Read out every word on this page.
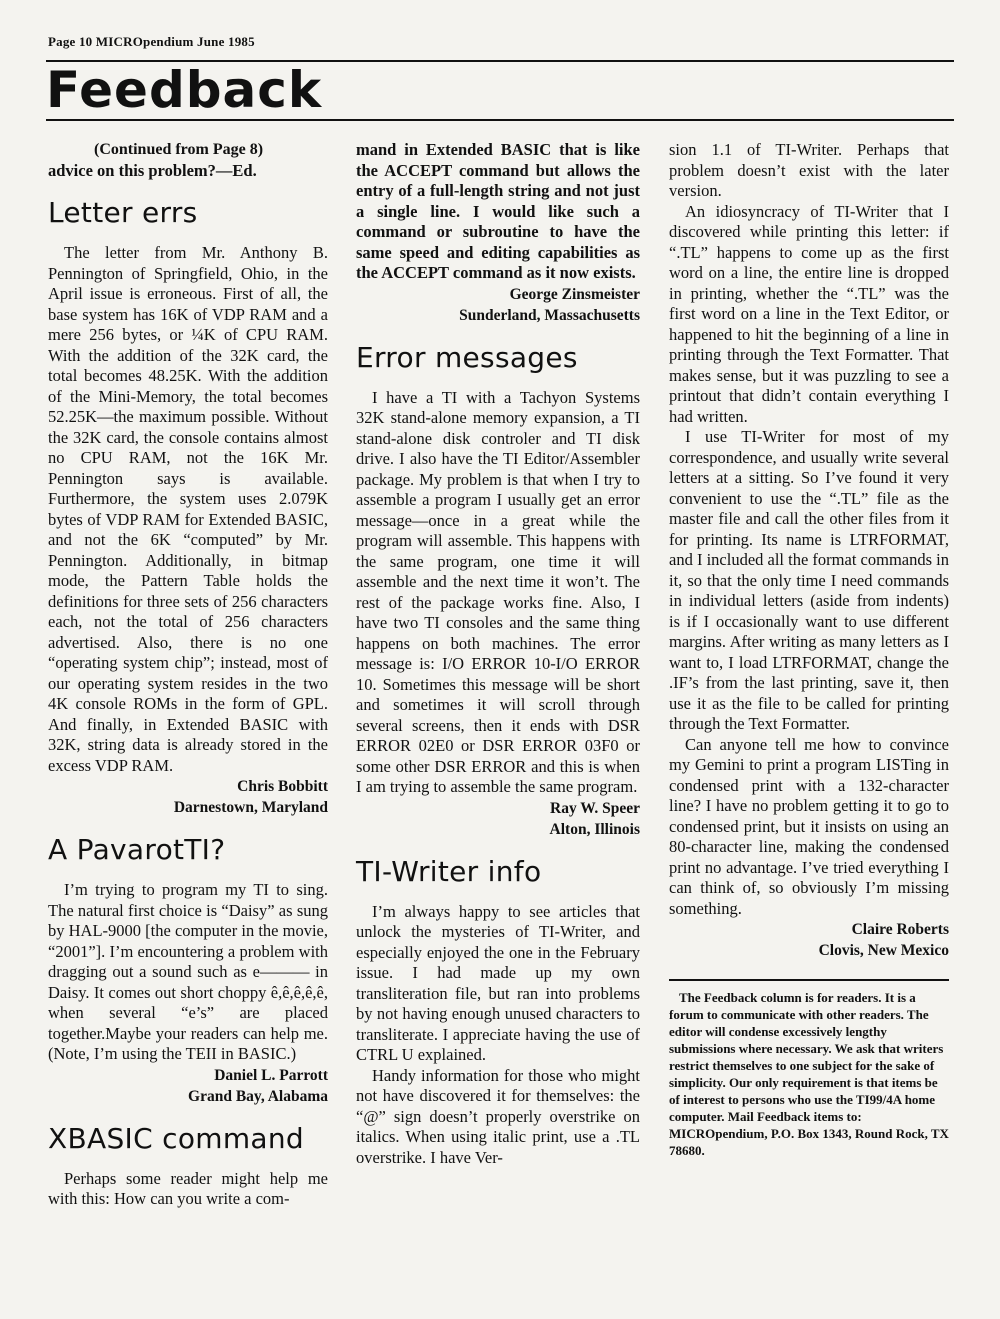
Page 10 MICROpendium June 1985
Feedback

(Continued from Page 8)

advice on this problem?—Ed.

Letter errs

The letter from Mr. Anthony B. Pennington of Springfield, Ohio, in the April issue is erroneous. First of all, the base system has 16K of VDP RAM and a mere 256 bytes, or ¼K of CPU RAM. With the addition of the 32K card, the total becomes 48.25K. With the addition of the Mini-Memory, the total becomes 52.25K—the maximum possible. Without the 32K card, the console contains almost no CPU RAM, not the 16K Mr. Pennington says is available. Furthermore, the system uses 2.079K bytes of VDP RAM for Extended BASIC, and not the 6K “computed” by Mr. Pennington. Additionally, in bitmap mode, the Pattern Table holds the definitions for three sets of 256 characters each, not the total of 256 characters advertised. Also, there is no one “operating system chip”; instead, most of our operating system resides in the two 4K console ROMs in the form of GPL. And finally, in Extended BASIC with 32K, string data is already stored in the excess VDP RAM.

Chris Bobbitt
Darnestown, Maryland
A PavarotTI?

I’m trying to program my TI to sing. The natural first choice is “Daisy” as sung by HAL-9000 [the computer in the movie, “2001”]. I’m encountering a problem with dragging out a sound such as e——— in Daisy. It comes out short choppy ê,ê,ê,ê,ê, when several “e’s” are placed together.Maybe your readers can help me. (Note, I’m using the TEII in BASIC.)

Daniel L. Parrott
Grand Bay, Alabama
XBASIC command

Perhaps some reader might help me with this: How can you write a com-

mand in Extended BASIC that is like the ACCEPT command but allows the entry of a full-length string and not just a single line. I would like such a command or subroutine to have the same speed and editing capabilities as the ACCEPT command as it now exists.

George Zinsmeister
Sunderland, Massachusetts
Error messages

I have a TI with a Tachyon Systems 32K stand-alone memory expansion, a TI stand-alone disk controler and TI disk drive. I also have the TI Editor/Assembler package. My problem is that when I try to assemble a program I usually get an error message—once in a great while the program will assemble. This happens with the same program, one time it will assemble and the next time it won’t. The rest of the package works fine. Also, I have two TI consoles and the same thing happens on both machines. The error message is: I/O ERROR 10-I/O ERROR 10. Sometimes this message will be short and sometimes it will scroll through several screens, then it ends with DSR ERROR 02E0 or DSR ERROR 03F0 or some other DSR ERROR and this is when I am trying to assemble the same program.

Ray W. Speer
Alton, Illinois
TI-Writer info

I’m always happy to see articles that unlock the mysteries of TI-Writer, and especially enjoyed the one in the February issue. I had made up my own transliteration file, but ran into problems by not having enough unused characters to transliterate. I appreciate having the use of CTRL U explained.

Handy information for those who might not have discovered it for themselves: the “@” sign doesn’t properly overstrike on italics. When using italic print, use a .TL overstrike. I have Ver-

sion 1.1 of TI-Writer. Perhaps that problem doesn’t exist with the later version.

An idiosyncracy of TI-Writer that I discovered while printing this letter: if “.TL” happens to come up as the first word on a line, the entire line is dropped in printing, whether the “.TL” was the first word on a line in the Text Editor, or happened to hit the beginning of a line in printing through the Text Formatter. That makes sense, but it was puzzling to see a printout that didn’t contain everything I had written.

I use TI-Writer for most of my correspondence, and usually write several letters at a sitting. So I’ve found it very convenient to use the “.TL” file as the master file and call the other files from it for printing. Its name is LTRFORMAT, and I included all the format commands in it, so that the only time I need commands in individual letters (aside from indents) is if I occasionally want to use different margins. After writing as many letters as I want to, I load LTRFORMAT, change the .IF’s from the last printing, save it, then use it as the file to be called for printing through the Text Formatter.

Can anyone tell me how to convince my Gemini to print a program LISTing in condensed print with a 132-character line? I have no problem getting it to go to condensed print, but it insists on using an 80-character line, making the condensed print no advantage. I’ve tried everything I can think of, so obviously I’m missing something.

Claire Roberts
Clovis, New Mexico

The Feedback column is for readers. It is a forum to communicate with other readers. The editor will condense excessively lengthy submissions where necessary. We ask that writers restrict themselves to one subject for the sake of simplicity. Our only requirement is that items be of interest to persons who use the TI99/4A home computer. Mail Feedback items to: MICROpendium, P.O. Box 1343, Round Rock, TX 78680.
